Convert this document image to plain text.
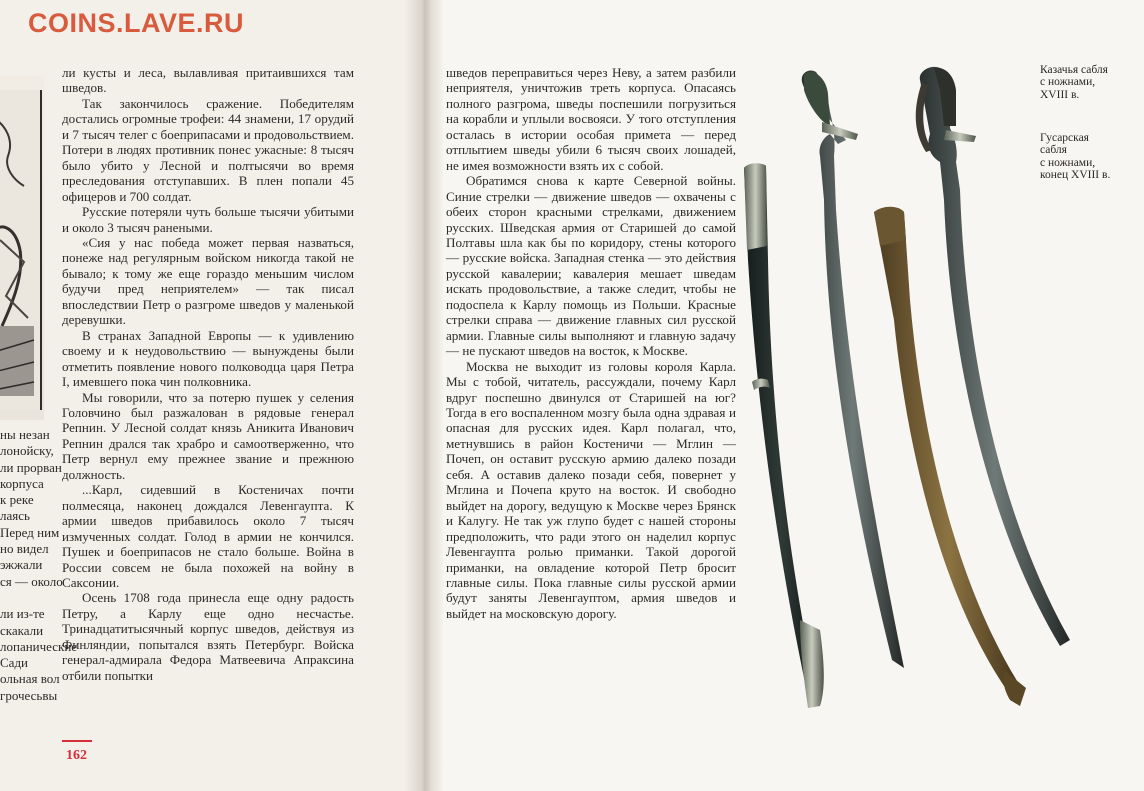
COINS.LAVE.RU

ли кусты и леса, вылавливая притаившихся там шведов.

Так закончилось сражение. Победителям достались огромные трофеи: 44 знамени, 17 орудий и 7 тысяч телег с боеприпасами и продовольствием. Потери в людях противник понес ужасные: 8 тысяч было убито у Лесной и полтысячи во время преследования отступавших. В плен попали 45 офицеров и 700 солдат.

Русские потеряли чуть больше тысячи убитыми и около 3 тысяч ранеными.

«Сия у нас победа может первая назваться, понеже над регулярным войском никогда такой не бывало; к тому же еще гораздо меньшим числом будучи пред неприятелем» — так писал впоследствии Петр о разгроме шведов у маленькой деревушки.

В странах Западной Европы — к удивлению своему и к неудовольствию — вынуждены были отметить появление нового полководца царя Петра I, имевшего пока чин полковника.

Мы говорили, что за потерю пушек у селения Головчино был разжалован в рядовые генерал Репнин. У Лесной солдат князь Аникита Иванович Репнин дрался так храбро и самоотверженно, что Петр вернул ему прежнее звание и прежнюю должность.

...Карл, сидевший в Костеничах почти полмесяца, наконец дождался Левенгаупта. К армии шведов прибавилось около 7 тысяч измученных солдат. Голод в армии не кончился. Пушек и боеприпасов не стало больше. Война в России совсем не была похожей на войну в Саксонии.

Осень 1708 года принесла еще одну радость Петру, а Карлу еще одно несчастье. Тринадцатитысячный корпус шведов, действуя из Финляндии, попытался взять Петербург. Войска генерал-адмирала Федора Матвеевича Апраксина отбили попытки

ны незан
лонойску,
ли прорван
корпуса
к реке
лаясь
Перед ним
но видел
эжжали
ся — около

ли из-те
скакали
лопанические
Сади
ольная вол
грочесьвы
162

шведов переправиться через Неву, а затем разбили неприятеля, уничтожив треть корпуса. Опасаясь полного разгрома, шведы поспешили погрузиться на корабли и уплыли восвояси. У того отступления осталась в истории особая примета — перед отплытием шведы убили 6 тысяч своих лошадей, не имея возможности взять их с собой.

Обратимся снова к карте Северной войны. Синие стрелки — движение шведов — охвачены с обеих сторон красными стрелками, движением русских. Шведская армия от Старишей до самой Полтавы шла как бы по коридору, стены которого — русские войска. Западная стенка — это действия русской кавалерии; кавалерия мешает шведам искать продовольствие, а также следит, чтобы не подоспела к Карлу помощь из Польши. Красные стрелки справа — движение главных сил русской армии. Главные силы выполняют и главную задачу — не пускают шведов на восток, к Москве.

Москва не выходит из головы короля Карла. Мы с тобой, читатель, рассуждали, почему Карл вдруг поспешно двинулся от Старишей на юг? Тогда в его воспаленном мозгу была одна здравая и опасная для русских идея. Карл полагал, что, метнувшись в район Костеничи — Мглин — Почеп, он оставит русскую армию далеко позади себя. А оставив далеко позади себя, повернет у Мглина и Почепа круто на восток. И свободно выйдет на дорогу, ведущую к Москве через Брянск и Калугу. Не так уж глупо будет с нашей стороны предположить, что ради этого он наделил корпус Левенгаупта ролью приманки. Такой дорогой приманки, на овладение которой Петр бросит главные силы. Пока главные силы русской армии будут заняты Левенгауптом, армия шведов и выйдет на московскую дорогу.

Казачья сабля
с ножнами,
XVIII в.
Гусарская
сабля
с ножнами,
конец XVIII в.
